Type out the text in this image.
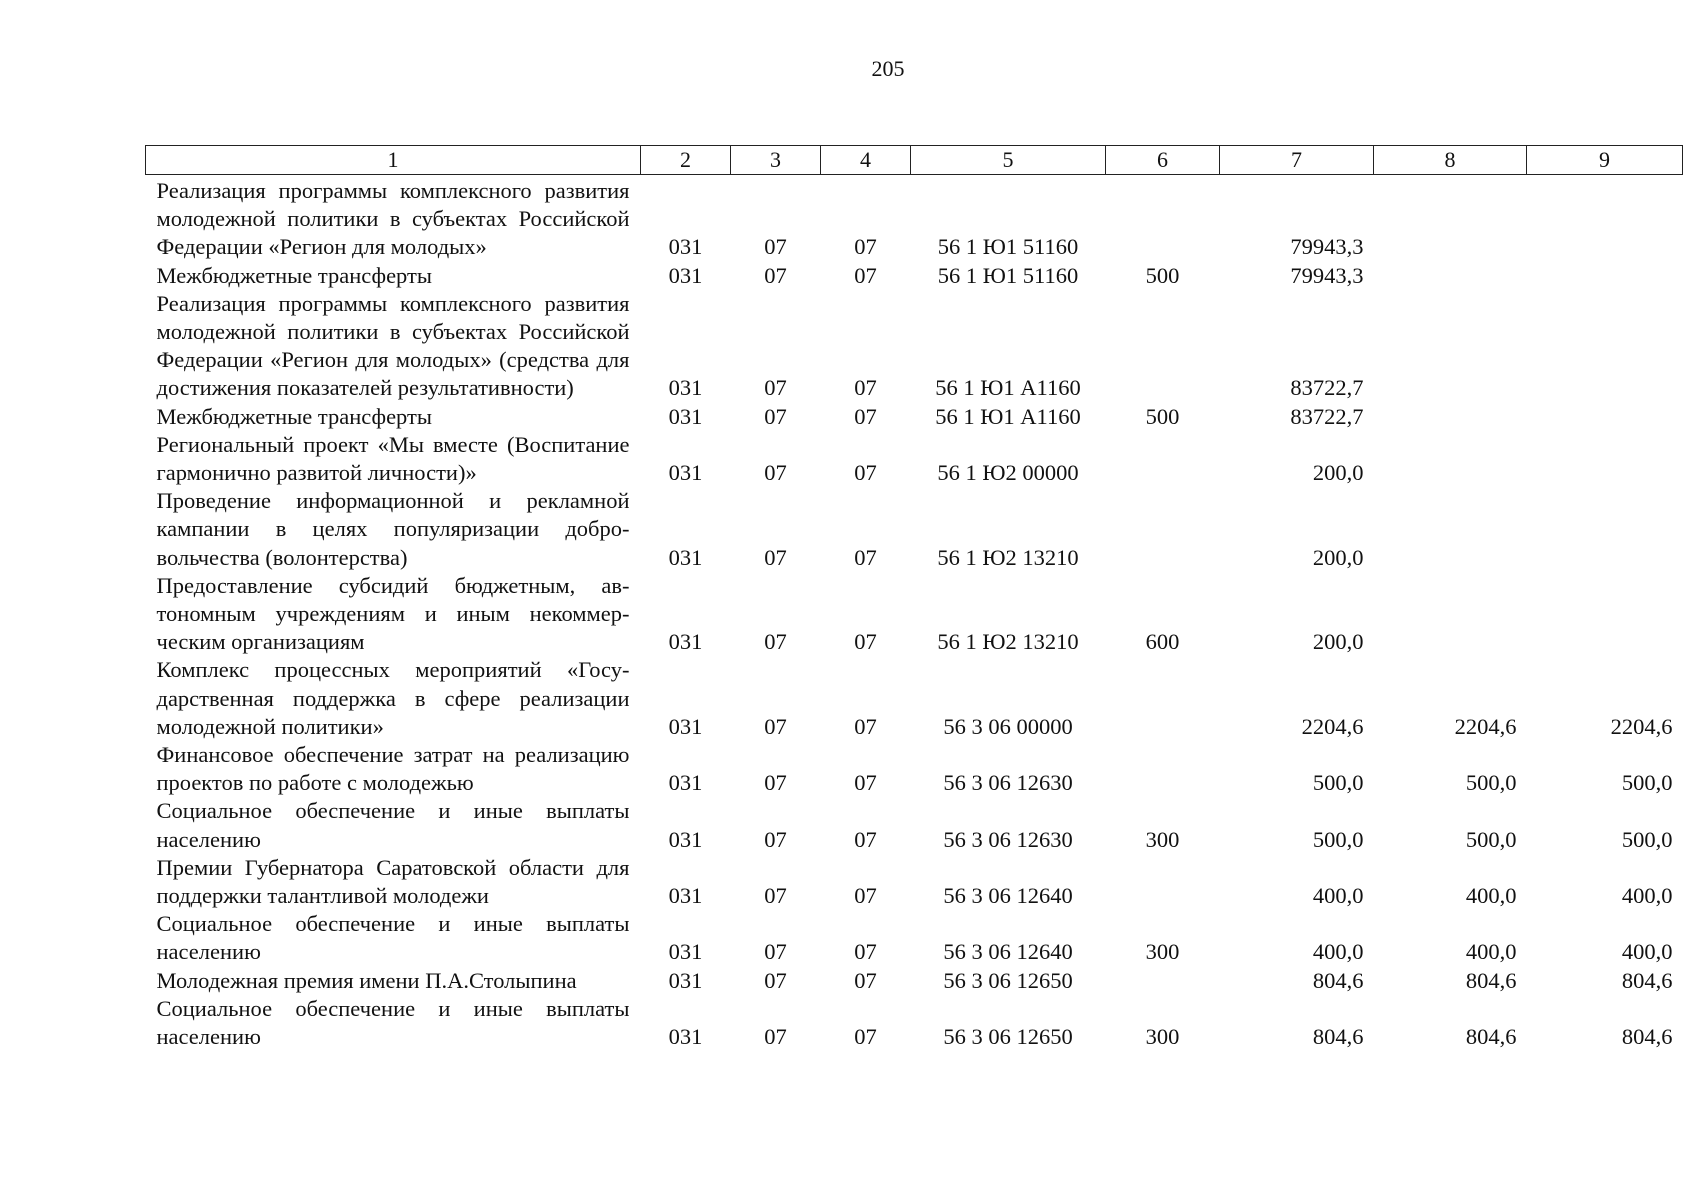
205
1	2	3	4	5	6	7	8	9
Реализация программы комплексного развития молодежной политики в субъектах Российской Федерации «Регион для молодых»	031	07	07	56 1 Ю1 51160		79943,3		
Межбюджетные трансферты	031	07	07	56 1 Ю1 51160	500	79943,3		
Реализация программы комплексного развития молодежной политики в субъектах Российской Федерации «Регион для молодых» (средства для достижения показателей результативности)	031	07	07	56 1 Ю1 А1160		83722,7		
Межбюджетные трансферты	031	07	07	56 1 Ю1 А1160	500	83722,7		
Региональный проект «Мы вместе (Воспитание гармонично развитой личности)»	031	07	07	56 1 Ю2 00000		200,0		
Проведение информационной и рекламной кампании в целях популяризации добровольчества (волонтерства)	031	07	07	56 1 Ю2 13210		200,0		
Предоставление субсидий бюджетным, автономным учреждениям и иным некоммерческим организациям	031	07	07	56 1 Ю2 13210	600	200,0		
Комплекс процессных мероприятий «Государственная поддержка в сфере реализации молодежной политики»	031	07	07	56 3 06 00000		2204,6	2204,6	2204,6
Финансовое обеспечение затрат на реализацию проектов по работе с молодежью	031	07	07	56 3 06 12630		500,0	500,0	500,0
Социальное обеспечение и иные выплаты населению	031	07	07	56 3 06 12630	300	500,0	500,0	500,0
Премии Губернатора Саратовской области для поддержки талантливой молодежи	031	07	07	56 3 06 12640		400,0	400,0	400,0
Социальное обеспечение и иные выплаты населению	031	07	07	56 3 06 12640	300	400,0	400,0	400,0
Молодежная премия имени П.А.Столыпина	031	07	07	56 3 06 12650		804,6	804,6	804,6
Социальное обеспечение и иные выплаты населению	031	07	07	56 3 06 12650	300	804,6	804,6	804,6
